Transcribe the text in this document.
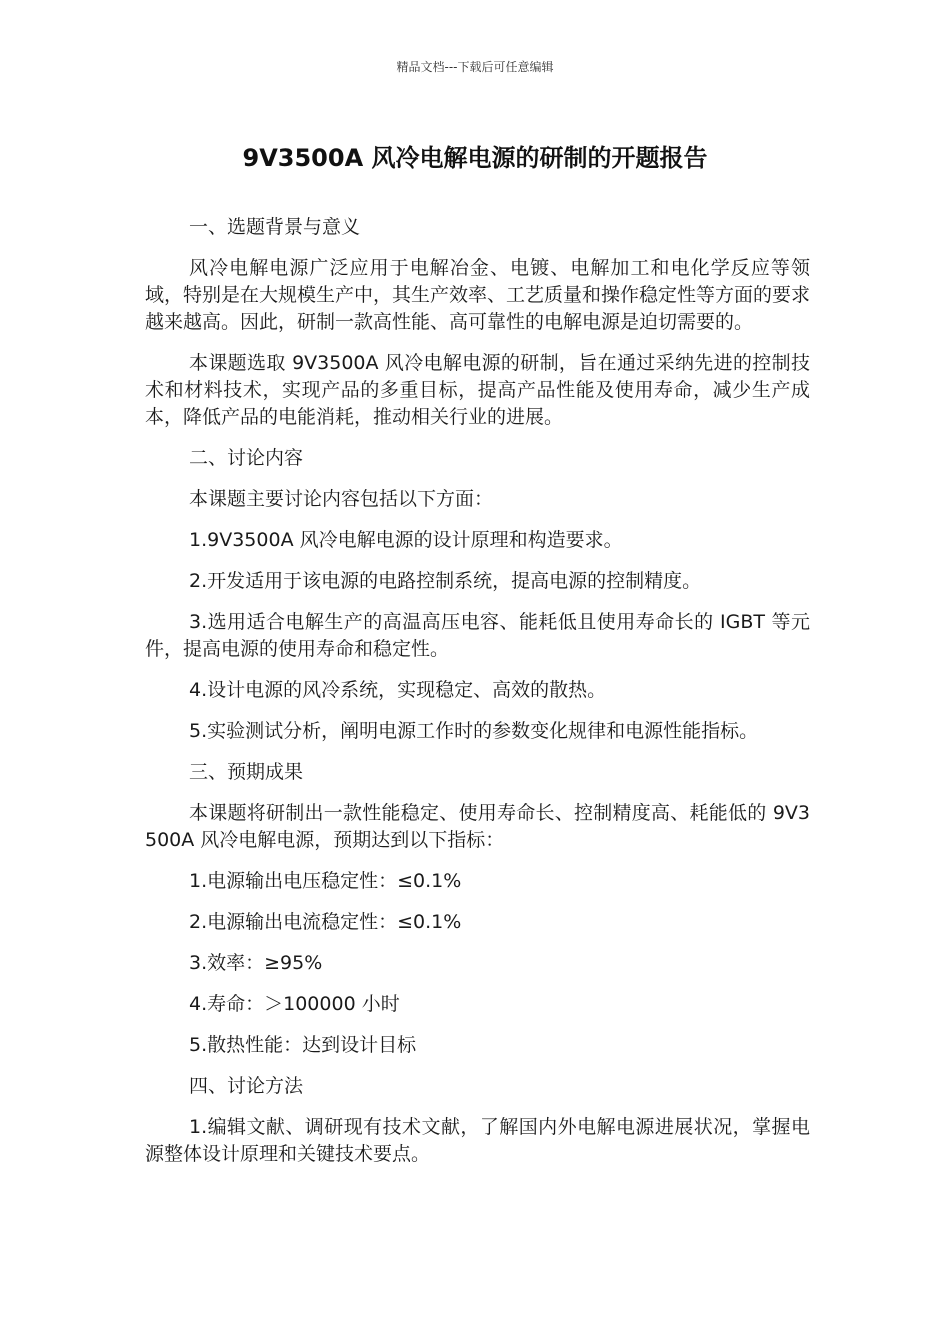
精品文档---下载后可任意编辑
9V3500A 风冷电解电源的研制的开题报告

一、选题背景与意义

风冷电解电源广泛应用于电解冶金、电镀、电解加工和电化学反应等领域，特别是在大规模生产中，其生产效率、工艺质量和操作稳定性等方面的要求越来越高。因此，研制一款高性能、高可靠性的电解电源是迫切需要的。

本课题选取 9V3500A 风冷电解电源的研制，旨在通过采纳先进的控制技术和材料技术，实现产品的多重目标，提高产品性能及使用寿命，减少生产成本，降低产品的电能消耗，推动相关行业的进展。

二、讨论内容

本课题主要讨论内容包括以下方面：

1.9V3500A 风冷电解电源的设计原理和构造要求。

2.开发适用于该电源的电路控制系统，提高电源的控制精度。

3.选用适合电解生产的高温高压电容、能耗低且使用寿命长的 IGBT 等元件，提高电源的使用寿命和稳定性。

4.设计电源的风冷系统，实现稳定、高效的散热。

5.实验测试分析，阐明电源工作时的参数变化规律和电源性能指标。

三、预期成果

本课题将研制出一款性能稳定、使用寿命长、控制精度高、耗能低的 9V3500A 风冷电解电源，预期达到以下指标：

1.电源输出电压稳定性：≤0.1%

2.电源输出电流稳定性：≤0.1%

3.效率：≥95%

4.寿命：＞100000 小时

5.散热性能：达到设计目标

四、讨论方法

1.编辑文献、调研现有技术文献，了解国内外电解电源进展状况，掌握电源整体设计原理和关键技术要点。
